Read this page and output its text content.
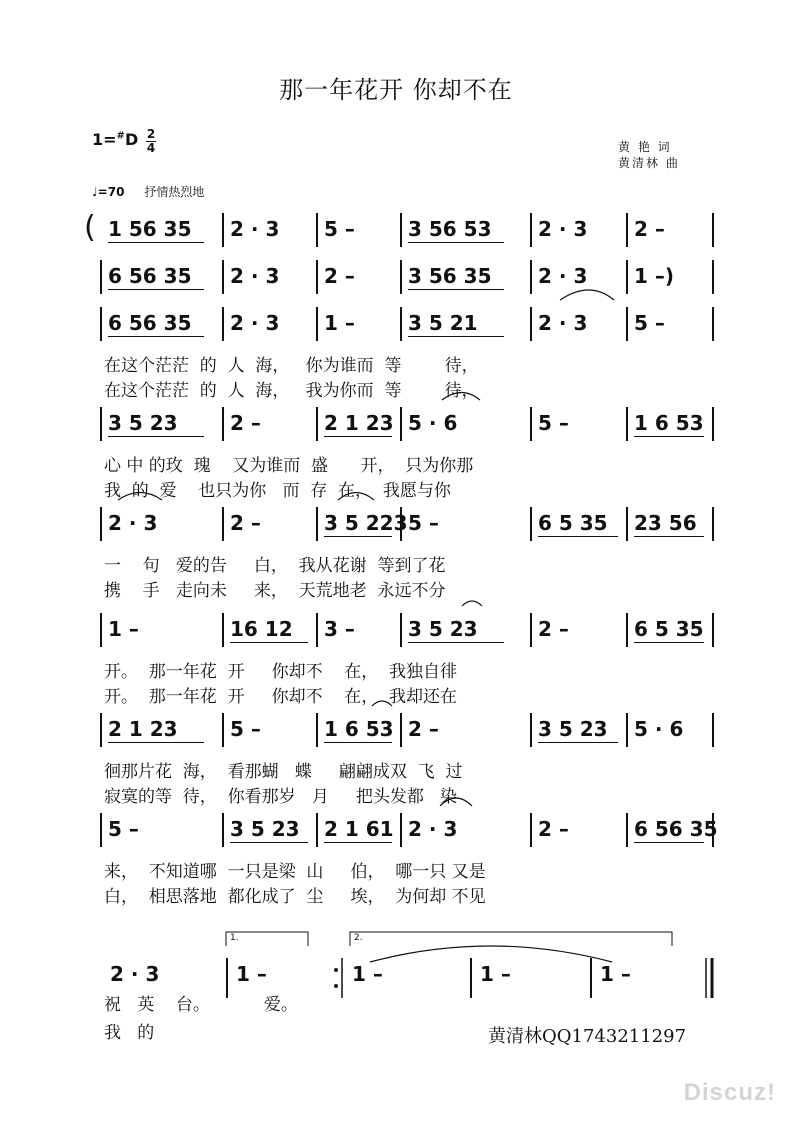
那一年花开 你却不在
1=#D 2
4	黄 艳 词
黄清林 曲
♩=70 抒情热烈地
( 1 56 35 2 · 3 5 –	3 56 53 2 · 3 2 –
6 56 35 2 · 3 2 –	3 56 35 2 · 3 1 –)
6 56 35 2 · 3 1 –	3 5 21	2 · 3 5 –
在这个茫茫  的  人  海，   你为谁而  等        待，
在这个茫茫  的  人  海，   我为你而  等        待，
3 5 23	2 –	2 1 23 5 · 6	5 –	1 6 53
心 中 的玫  瑰    又为谁而  盛      开，  只为你那
我  的  爱    也只为你   而  存  在，  我愿与你
2 · 3	2 –	3 5 223 5 –	6 5 35 23 56
一    句   爱的告     白，  我从花谢  等到了花
携    手   走向未     来，  天荒地老  永远不分
1 –	16 12 3 –	3 5 23	2 –	6 5 35
开。  那一年花  开     你却不    在，  我独自徘
开。  那一年花  开     你却不    在，  我却还在
2 1 23	5 –	1 6 53 2 –	3 5 23 5 · 6
徊那片花  海，  看那蝴   蝶     翩翩成双  飞  过
寂寞的等  待，  你看那岁   月     把头发都   染
5 –	3 5 23 2 1 61 2 · 3	2 –	6 56 35
来，  不知道哪  一只是梁  山     伯，  哪一只 又是
白，  相思落地  都化成了  尘     埃，  为何却 不见
2 · 3	1 –	1 –	1 –	1 –
1.	2.
祝   英    台。          爱。
我   的	黄清林QQ1743211297
Discuz!
